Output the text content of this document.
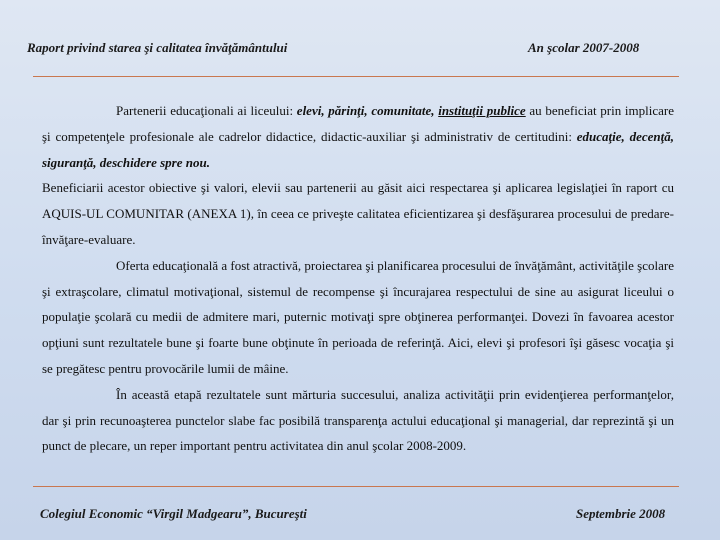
Raport privind starea şi calitatea învăţământului	An şcolar 2007-2008

Partenerii educaţionali ai liceului: elevi, părinţi, comunitate, instituţii publice au beneficiat prin implicare şi competenţele profesionale ale cadrelor didactice, didactic-auxiliar şi administrativ de certitudini: educaţie, decenţă, siguranţă, deschidere spre nou.

Beneficiarii acestor obiective şi valori, elevii sau partenerii au găsit aici respectarea şi aplicarea legislaţiei în raport cu AQUIS-UL COMUNITAR (ANEXA 1), în ceea ce priveşte calitatea eficientizarea şi desfăşurarea procesului de predare-învăţare-evaluare.

Oferta educaţională a fost atractivă, proiectarea şi planificarea procesului de învăţământ, activităţile şcolare şi extraşcolare, climatul motivaţional, sistemul de recompense şi încurajarea respectului de sine au asigurat liceului o populaţie şcolară cu medii de admitere mari, puternic motivaţi spre obţinerea performanţei. Dovezi în favoarea acestor opţiuni sunt rezultatele bune şi foarte bune obţinute în perioada de referinţă. Aici, elevi şi profesori îşi găsesc vocaţia şi se pregătesc pentru provocările lumii de mâine.

În această etapă rezultatele sunt mărturia succesului, analiza activităţii prin evidenţierea performanţelor, dar şi prin recunoaşterea punctelor slabe fac posibilă transparenţa actului educaţional şi managerial, dar reprezintă şi un punct de plecare, un reper important pentru activitatea din anul şcolar 2008-2009.

Colegiul Economic “Virgil Madgearu”, Bucureşti	Septembrie 2008
